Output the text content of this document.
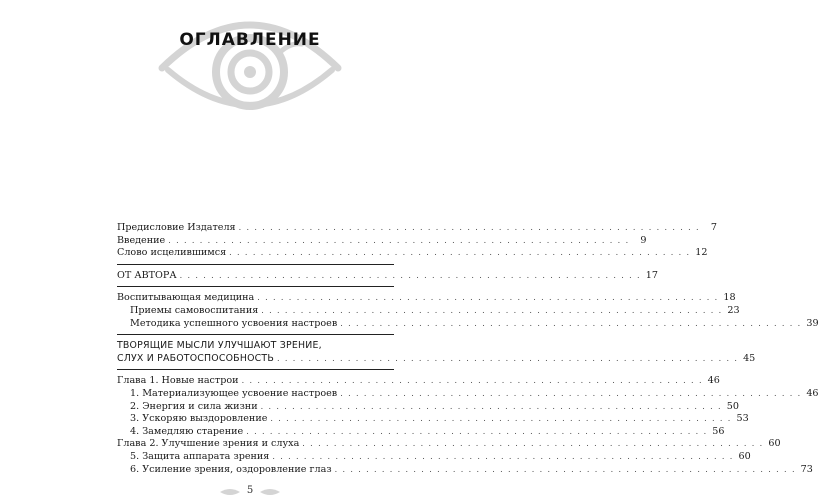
ОГЛАВЛЕНИЕ
Предисловие Издателя . . . . . . . . . . . . . . . . . . . . . . . . . . . . . . . . . . . . . . . . . . . . . . . . . . . . . . . . . . .	7
Введение . . . . . . . . . . . . . . . . . . . . . . . . . . . . . . . . . . . . . . . . . . . . . . . . . . . . . . . . . . .	9
Слово исцелившимся . . . . . . . . . . . . . . . . . . . . . . . . . . . . . . . . . . . . . . . . . . . . . . . . . . . . . . . . . . . 12
ОТ АВТОРА . . . . . . . . . . . . . . . . . . . . . . . . . . . . . . . . . . . . . . . . . . . . . . . . . . . . . . . . . . . 17
Воспитывающая медицина . . . . . . . . . . . . . . . . . . . . . . . . . . . . . . . . . . . . . . . . . . . . . . . . . . . . . . . . . . . 18
Приемы самовоспитания . . . . . . . . . . . . . . . . . . . . . . . . . . . . . . . . . . . . . . . . . . . . . . . . . . . . . . . . . . . 23
Методика успешного усвоения настроев . . . . . . . . . . . . . . . . . . . . . . . . . . . . . . . . . . . . . . . . . . . . . . . . . . . . . . . . . . . 39
ТВОРЯЩИЕ МЫСЛИ УЛУЧШАЮТ ЗРЕНИЕ,
СЛУХ И РАБОТОСПОСОБНОСТЬ . . . . . . . . . . . . . . . . . . . . . . . . . . . . . . . . . . . . . . . . . . . . . . . . . . . . . . . . . . . 45
Глава 1. Новые настрои . . . . . . . . . . . . . . . . . . . . . . . . . . . . . . . . . . . . . . . . . . . . . . . . . . . . . . . . . . . 46
1. Материализующее усвоение настроев . . . . . . . . . . . . . . . . . . . . . . . . . . . . . . . . . . . . . . . . . . . . . . . . . . . . . . . . . . . 46
2. Энергия и сила жизни . . . . . . . . . . . . . . . . . . . . . . . . . . . . . . . . . . . . . . . . . . . . . . . . . . . . . . . . . . . 50
3. Ускоряю выздоровление . . . . . . . . . . . . . . . . . . . . . . . . . . . . . . . . . . . . . . . . . . . . . . . . . . . . . . . . . . . 53
4. Замедляю старение . . . . . . . . . . . . . . . . . . . . . . . . . . . . . . . . . . . . . . . . . . . . . . . . . . . . . . . . . . . 56
Глава 2. Улучшение зрения и слуха . . . . . . . . . . . . . . . . . . . . . . . . . . . . . . . . . . . . . . . . . . . . . . . . . . . . . . . . . . . 60
5. Защита аппарата зрения . . . . . . . . . . . . . . . . . . . . . . . . . . . . . . . . . . . . . . . . . . . . . . . . . . . . . . . . . . . 60
6. Усиление зрения, оздоровление глаз . . . . . . . . . . . . . . . . . . . . . . . . . . . . . . . . . . . . . . . . . . . . . . . . . . . . . . . . . . . 73
5
